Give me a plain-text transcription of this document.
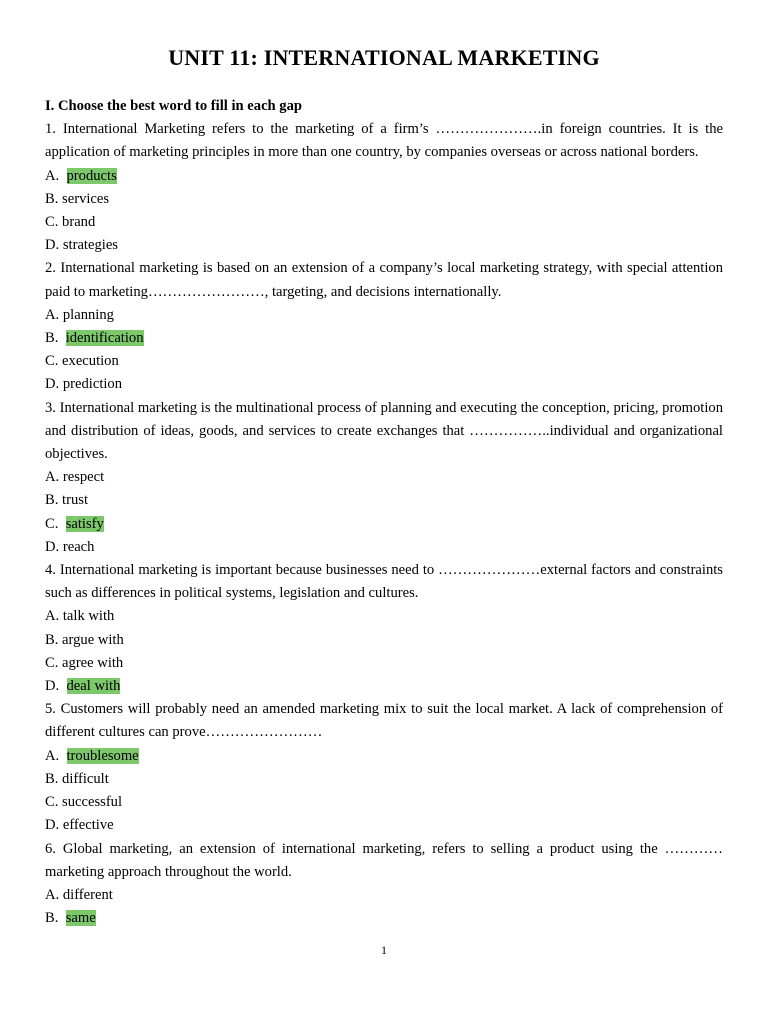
UNIT 11: INTERNATIONAL MARKETING

I. Choose the best word to fill in each gap

1. International Marketing refers to the marketing of a firm’s ………………….in foreign countries. It is the application of marketing principles in more than one country, by companies overseas or across national borders.

A. products

B. services

C. brand

D. strategies

2. International marketing is based on an extension of a company’s local marketing strategy, with special attention paid to marketing……………………, targeting, and decisions internationally.

A. planning

B. identification

C. execution

D. prediction

3. International marketing is the multinational process of planning and executing the conception, pricing, promotion and distribution of ideas, goods, and services to create exchanges that ……………..individual and organizational objectives.

A. respect

B. trust

C. satisfy

D. reach

4. International marketing is important because businesses need to …………………external factors and constraints such as differences in political systems, legislation and cultures.

A. talk with

B. argue with

C. agree with

D. deal with

5. Customers will probably need an amended marketing mix to suit the local market. A lack of comprehension of different cultures can prove……………………

A. troublesome

B. difficult

C. successful

D. effective

6. Global marketing, an extension of international marketing, refers to selling a product using the ………… marketing approach throughout the world.

A. different

B. same

1
